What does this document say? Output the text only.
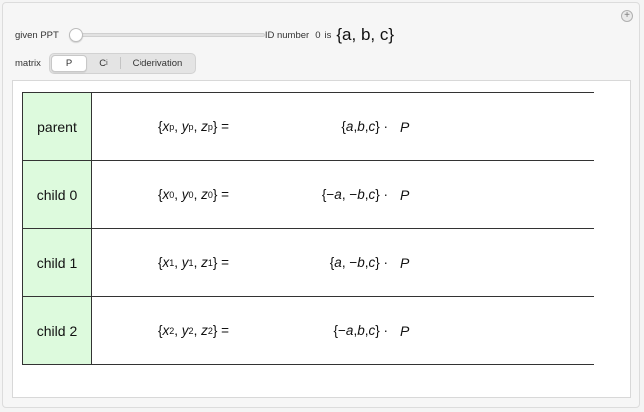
+
given PPT	ID number 0 is {a, b, c}
matrix	P	C i	C i derivation
parent	{ x p , y p , z p } =	{ a , b , c } · P
child 0	{ x 0 , y 0 , z 0 } =	{− a , − b , c } · P
child 1	{ x 1 , y 1 , z 1 } =	{ a , − b , c } · P
child 2	{ x 2 , y 2 , z 2 } =	{− a , b , c } · P
